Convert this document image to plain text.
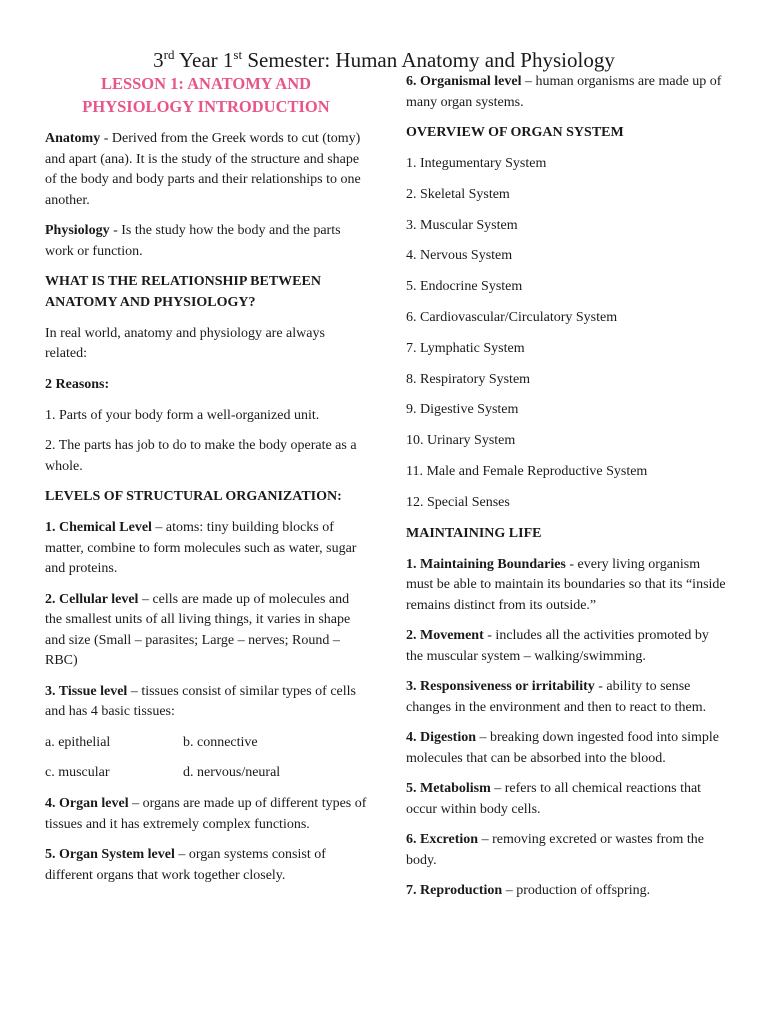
3rd Year 1st Semester: Human Anatomy and Physiology
LESSON 1: ANATOMY AND PHYSIOLOGY INTRODUCTION

Anatomy - Derived from the Greek words to cut (tomy) and apart (ana). It is the study of the structure and shape of the body and body parts and their relationships to one another.

Physiology - Is the study how the body and the parts work or function.

WHAT IS THE RELATIONSHIP BETWEEN ANATOMY AND PHYSIOLOGY?

In real world, anatomy and physiology are always related:

2 Reasons:

1. Parts of your body form a well-organized unit.

2. The parts has job to do to make the body operate as a whole.

LEVELS OF STRUCTURAL ORGANIZATION:

1. Chemical Level – atoms: tiny building blocks of matter, combine to form molecules such as water, sugar and proteins.

2. Cellular level – cells are made up of molecules and the smallest units of all living things, it varies in shape and size (Small – parasites; Large – nerves; Round – RBC)

3. Tissue level – tissues consist of similar types of cells and has 4 basic tissues:

a. epithelial	b. connective
c. muscular	d. nervous/neural

4. Organ level – organs are made up of different types of tissues and it has extremely complex functions.

5. Organ System level – organ systems consist of different organs that work together closely.

6. Organismal level – human organisms are made up of many organ systems.

OVERVIEW OF ORGAN SYSTEM
1. Integumentary System
2. Skeletal System
3. Muscular System
4. Nervous System
5. Endocrine System
6. Cardiovascular/Circulatory System
7. Lymphatic System
8. Respiratory System
9. Digestive System
10. Urinary System
11. Male and Female Reproductive System
12. Special Senses
MAINTAINING LIFE

1. Maintaining Boundaries - every living organism must be able to maintain its boundaries so that its “inside remains distinct from its outside.”

2. Movement - includes all the activities promoted by the muscular system – walking/swimming.

3. Responsiveness or irritability - ability to sense changes in the environment and then to react to them.

4. Digestion – breaking down ingested food into simple molecules that can be absorbed into the blood.

5. Metabolism – refers to all chemical reactions that occur within body cells.

6. Excretion – removing excreted or wastes from the body.

7. Reproduction – production of offspring.
